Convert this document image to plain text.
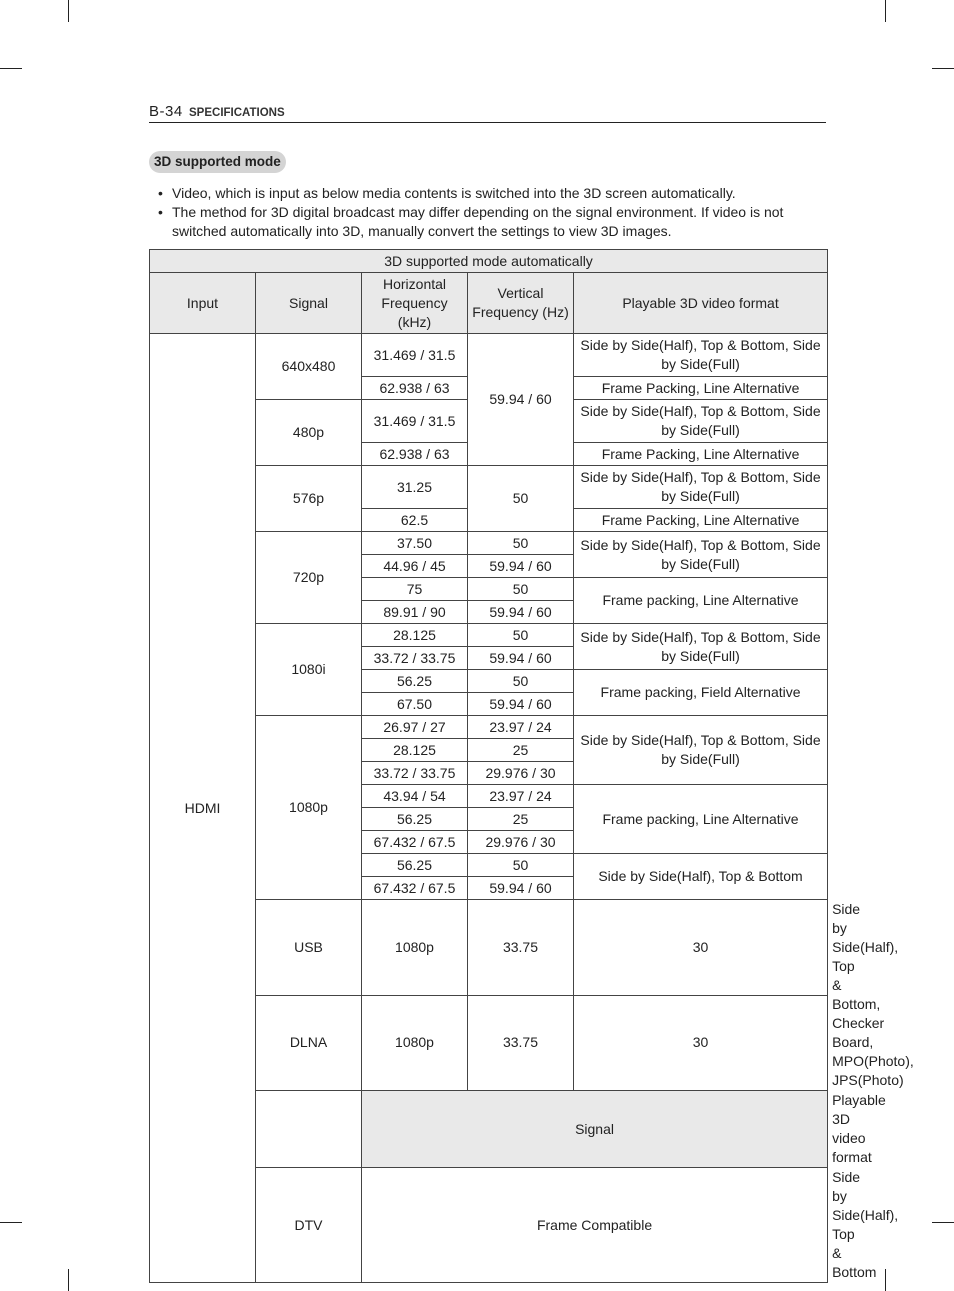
B-34 SPECIFICATIONS
3D supported mode
• Video, which is input as below media contents is switched into the 3D screen automatically.
• The method for 3D digital broadcast may differ depending on the signal environment. If video is not switched automatically into 3D, manually convert the settings to view 3D images.
3D supported mode automatically					
Input	Signal	Horizontal Frequency (kHz)	Vertical Frequency (Hz)	Playable 3D video format	
HDMI	640x480	31.469 / 31.5	59.94 / 60	Side by Side(Half), Top & Bottom, Side by Side(Full)	
		62.938 / 63		Frame Packing, Line Alternative	
	480p	31.469 / 31.5		Side by Side(Half), Top & Bottom, Side by Side(Full)	
		62.938 / 63		Frame Packing, Line Alternative	
	576p	31.25	50	Side by Side(Half), Top & Bottom, Side by Side(Full)	
		62.5		Frame Packing, Line Alternative	
	720p	37.50	50	Side by Side(Half), Top & Bottom, Side by Side(Full)	
		44.96 / 45	59.94 / 60		
		75	50	Frame packing, Line Alternative	
		89.91 / 90	59.94 / 60		
	1080i	28.125	50	Side by Side(Half), Top & Bottom, Side by Side(Full)	
		33.72 / 33.75	59.94 / 60		
		56.25	50	Frame packing, Field Alternative	
		67.50	59.94 / 60		
	1080p	26.97 / 27	23.97 / 24	Side by Side(Half), Top & Bottom, Side by Side(Full)	
		28.125	25		
		33.72 / 33.75	29.976 / 30		
		43.94 / 54	23.97 / 24	Frame packing, Line Alternative	
		56.25	25		
		67.432 / 67.5	29.976 / 30		
		56.25	50	Side by Side(Half), Top & Bottom	
		67.432 / 67.5	59.94 / 60		
	USB	1080p	33.75	30	Side by Side(Half), Top & Bottom, Checker Board, MPO(Photo), JPS(Photo)
	DLNA	1080p	33.75	30	
		Signal			Playable 3D video format
	DTV	Frame Compatible			Side by Side(Half), Top & Bottom
